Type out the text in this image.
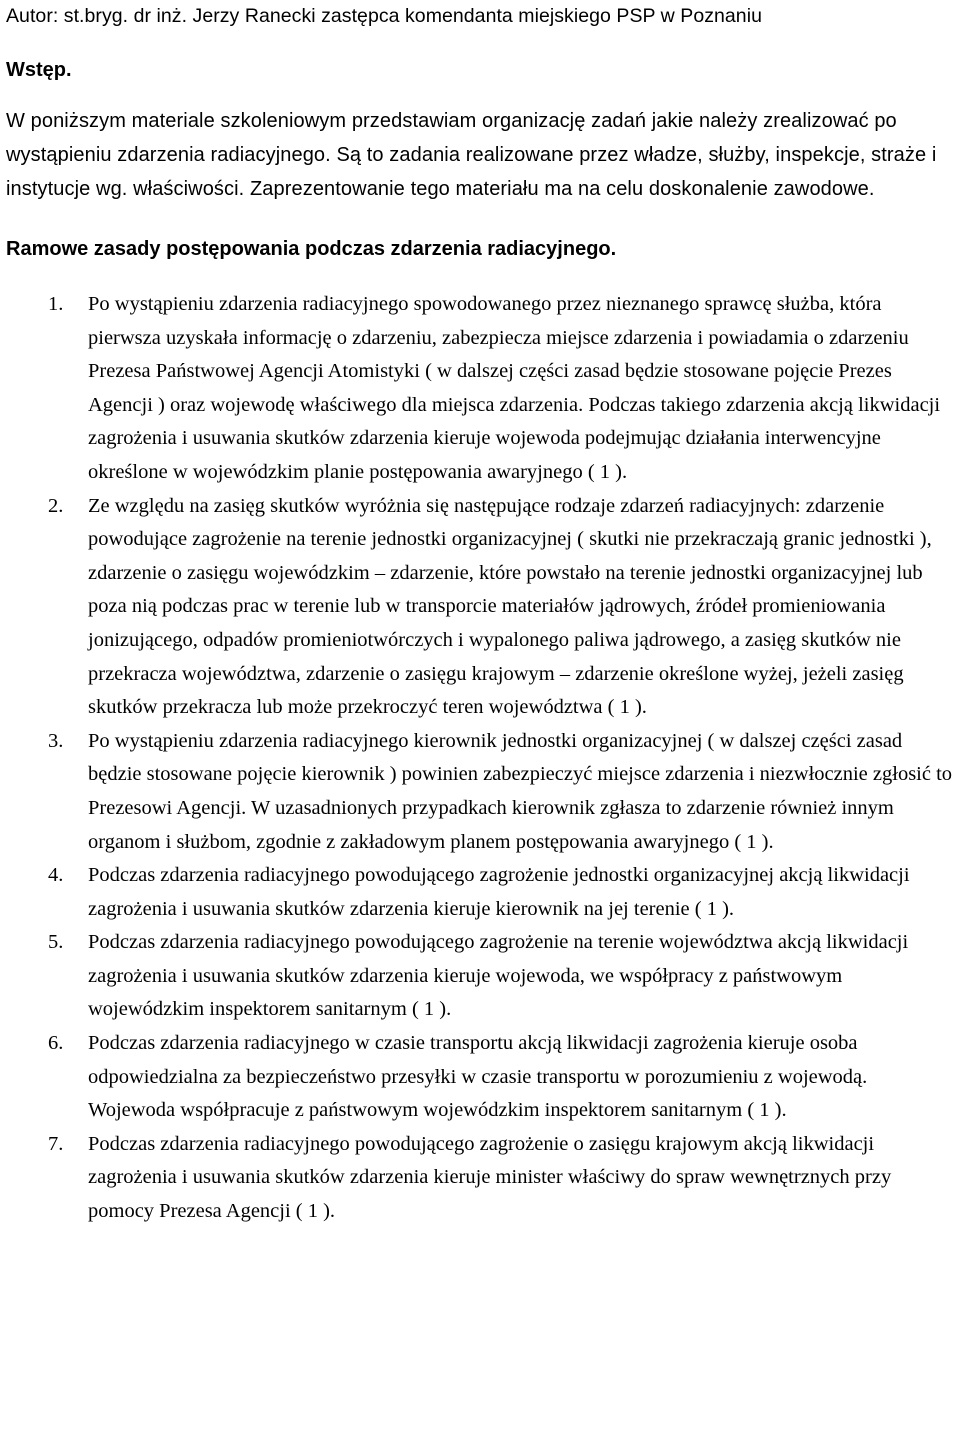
Autor: st.bryg. dr inż. Jerzy Ranecki zastępca komendanta miejskiego PSP w Poznaniu

Wstęp.

W poniższym materiale szkoleniowym przedstawiam organizację zadań jakie należy zrealizować po wystąpieniu zdarzenia radiacyjnego. Są to zadania realizowane przez władze, służby, inspekcje, straże i instytucje wg. właściwości. Zaprezentowanie tego materiału ma na celu doskonalenie zawodowe.

Ramowe zasady postępowania podczas zdarzenia radiacyjnego.

1. Po wystąpieniu zdarzenia radiacyjnego spowodowanego przez nieznanego sprawcę służba, która pierwsza uzyskała informację o zdarzeniu, zabezpiecza miejsce zdarzenia i powiadamia o zdarzeniu Prezesa Państwowej Agencji Atomistyki ( w dalszej części zasad będzie stosowane pojęcie Prezes Agencji ) oraz wojewodę właściwego dla miejsca zdarzenia. Podczas takiego zdarzenia akcją likwidacji zagrożenia i usuwania skutków zdarzenia kieruje wojewoda podejmując działania interwencyjne określone w wojewódzkim planie postępowania awaryjnego ( 1 ).
2. Ze względu na zasięg skutków wyróżnia się następujące rodzaje zdarzeń radiacyjnych: zdarzenie powodujące zagrożenie na terenie jednostki organizacyjnej ( skutki nie przekraczają granic jednostki ), zdarzenie o zasięgu wojewódzkim – zdarzenie, które powstało na terenie jednostki organizacyjnej lub poza nią podczas prac w terenie lub w transporcie materiałów jądrowych, źródeł promieniowania jonizującego, odpadów promieniotwórczych i wypalonego paliwa jądrowego, a zasięg skutków nie przekracza województwa, zdarzenie o zasięgu krajowym – zdarzenie określone wyżej, jeżeli zasięg skutków przekracza lub może przekroczyć teren województwa ( 1 ).
3. Po wystąpieniu zdarzenia radiacyjnego kierownik jednostki organizacyjnej ( w dalszej części zasad będzie stosowane pojęcie kierownik ) powinien zabezpieczyć miejsce zdarzenia i niezwłocznie zgłosić to Prezesowi Agencji. W uzasadnionych przypadkach kierownik zgłasza to zdarzenie również innym organom i służbom, zgodnie z zakładowym planem postępowania awaryjnego ( 1 ).
4. Podczas zdarzenia radiacyjnego powodującego zagrożenie jednostki organizacyjnej akcją likwidacji zagrożenia i usuwania skutków zdarzenia kieruje kierownik na jej terenie ( 1 ).
5. Podczas zdarzenia radiacyjnego powodującego zagrożenie na terenie województwa akcją likwidacji zagrożenia i usuwania skutków zdarzenia kieruje wojewoda, we współpracy z państwowym wojewódzkim inspektorem sanitarnym ( 1 ).
6. Podczas zdarzenia radiacyjnego w czasie transportu akcją likwidacji zagrożenia kieruje osoba odpowiedzialna za bezpieczeństwo przesyłki w czasie transportu w porozumieniu z wojewodą. Wojewoda współpracuje z państwowym wojewódzkim inspektorem sanitarnym ( 1 ).
7. Podczas zdarzenia radiacyjnego powodującego zagrożenie o zasięgu krajowym akcją likwidacji zagrożenia i usuwania skutków zdarzenia kieruje minister właściwy do spraw wewnętrznych przy pomocy Prezesa Agencji ( 1 ).
